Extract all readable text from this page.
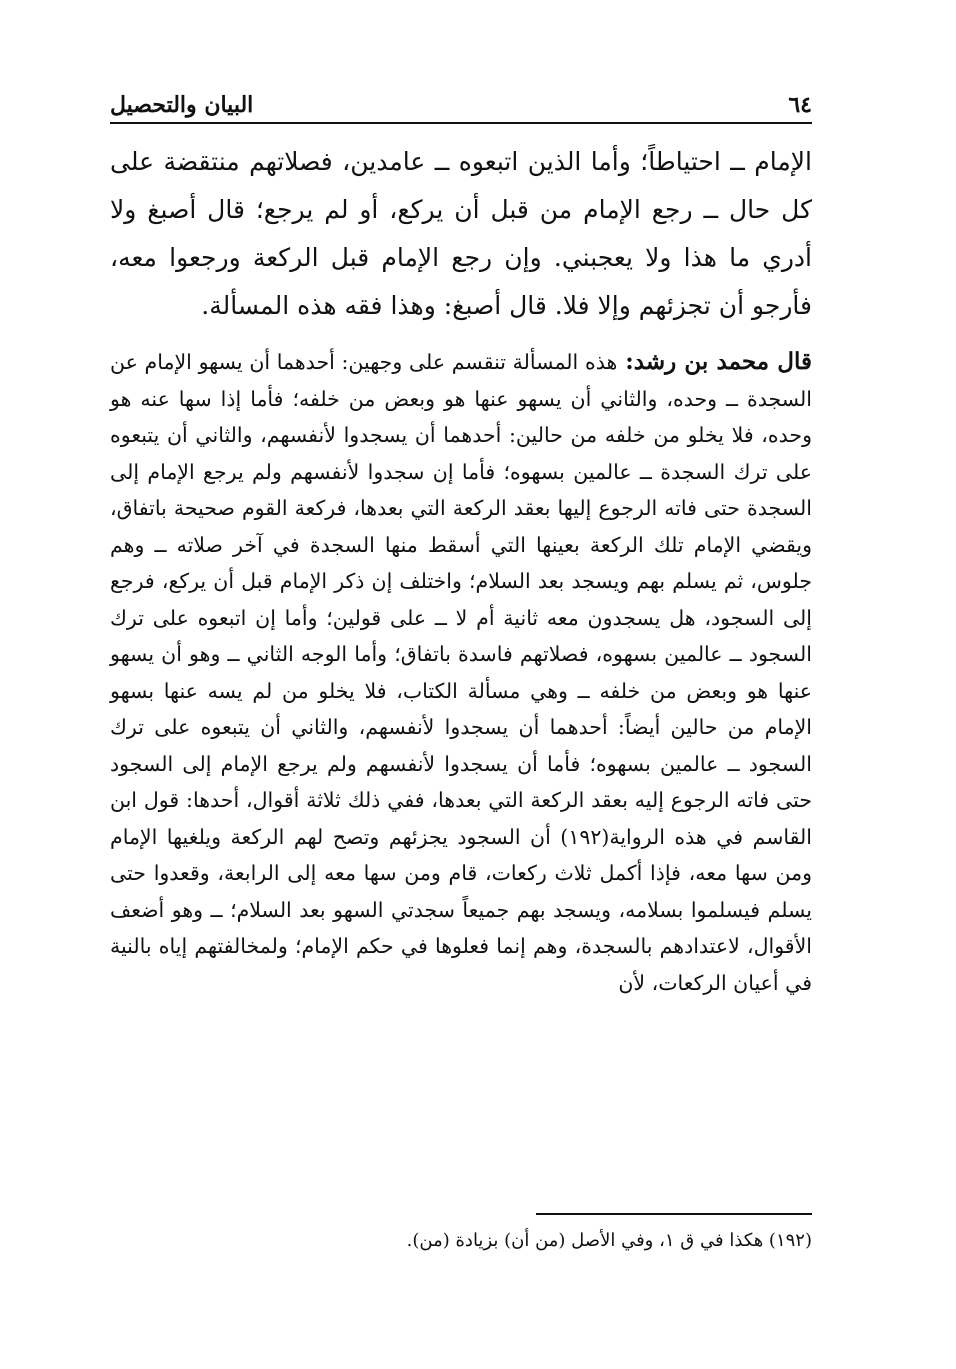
٦٤
البيان والتحصيل

الإمام ــ احتياطاً؛ وأما الذين اتبعوه ــ عامدين، فصلاتهم منتقضة على كل حال ــ رجع الإمام من قبل أن يركع، أو لم يرجع؛ قال أصبغ ولا أدري ما هذا ولا يعجبني. وإن رجع الإمام قبل الركعة ورجعوا معه، فأرجو أن تجزئهم وإلا فلا. قال أصبغ: وهذا فقه هذه المسألة.

قال محمد بن رشد:هذه المسألة تنقسم على وجهين: أحدهما أن يسهو الإمام عن السجدة ــ وحده، والثاني أن يسهو عنها هو وبعض من خلفه؛ فأما إذا سها عنه هو وحده، فلا يخلو من خلفه من حالين: أحدهما أن يسجدوا لأنفسهم، والثاني أن يتبعوه على ترك السجدة ــ عالمين بسهوه؛ فأما إن سجدوا لأنفسهم ولم يرجع الإمام إلى السجدة حتى فاته الرجوع إليها بعقد الركعة التي بعدها، فركعة القوم صحيحة باتفاق، ويقضي الإمام تلك الركعة بعينها التي أسقط منها السجدة في آخر صلاته ــ وهم جلوس، ثم يسلم بهم ويسجد بعد السلام؛ واختلف إن ذكر الإمام قبل أن يركع، فرجع إلى السجود، هل يسجدون معه ثانية أم لا ــ على قولين؛ وأما إن اتبعوه على ترك السجود ــ عالمين بسهوه، فصلاتهم فاسدة باتفاق؛ وأما الوجه الثاني ــ وهو أن يسهو عنها هو وبعض من خلفه ــ وهي مسألة الكتاب، فلا يخلو من لم يسه عنها بسهو الإمام من حالين أيضاً: أحدهما أن يسجدوا لأنفسهم، والثاني أن يتبعوه على ترك السجود ــ عالمين بسهوه؛ فأما أن يسجدوا لأنفسهم ولم يرجع الإمام إلى السجود حتى فاته الرجوع إليه بعقد الركعة التي بعدها، ففي ذلك ثلاثة أقوال، أحدها: قول ابن القاسم في هذه الرواية(١٩٢) أن السجود يجزئهم وتصح لهم الركعة ويلغيها الإمام ومن سها معه، فإذا أكمل ثلاث ركعات، قام ومن سها معه إلى الرابعة، وقعدوا حتى يسلم فيسلموا بسلامه، ويسجد بهم جميعاً سجدتي السهو بعد السلام؛ ــ وهو أضعف الأقوال، لاعتدادهم بالسجدة، وهم إنما فعلوها في حكم الإمام؛ ولمخالفتهم إياه بالنية في أعيان الركعات، لأن

(١٩٢) هكذا في ق ١، وفي الأصل (من أن) بزيادة (من).
